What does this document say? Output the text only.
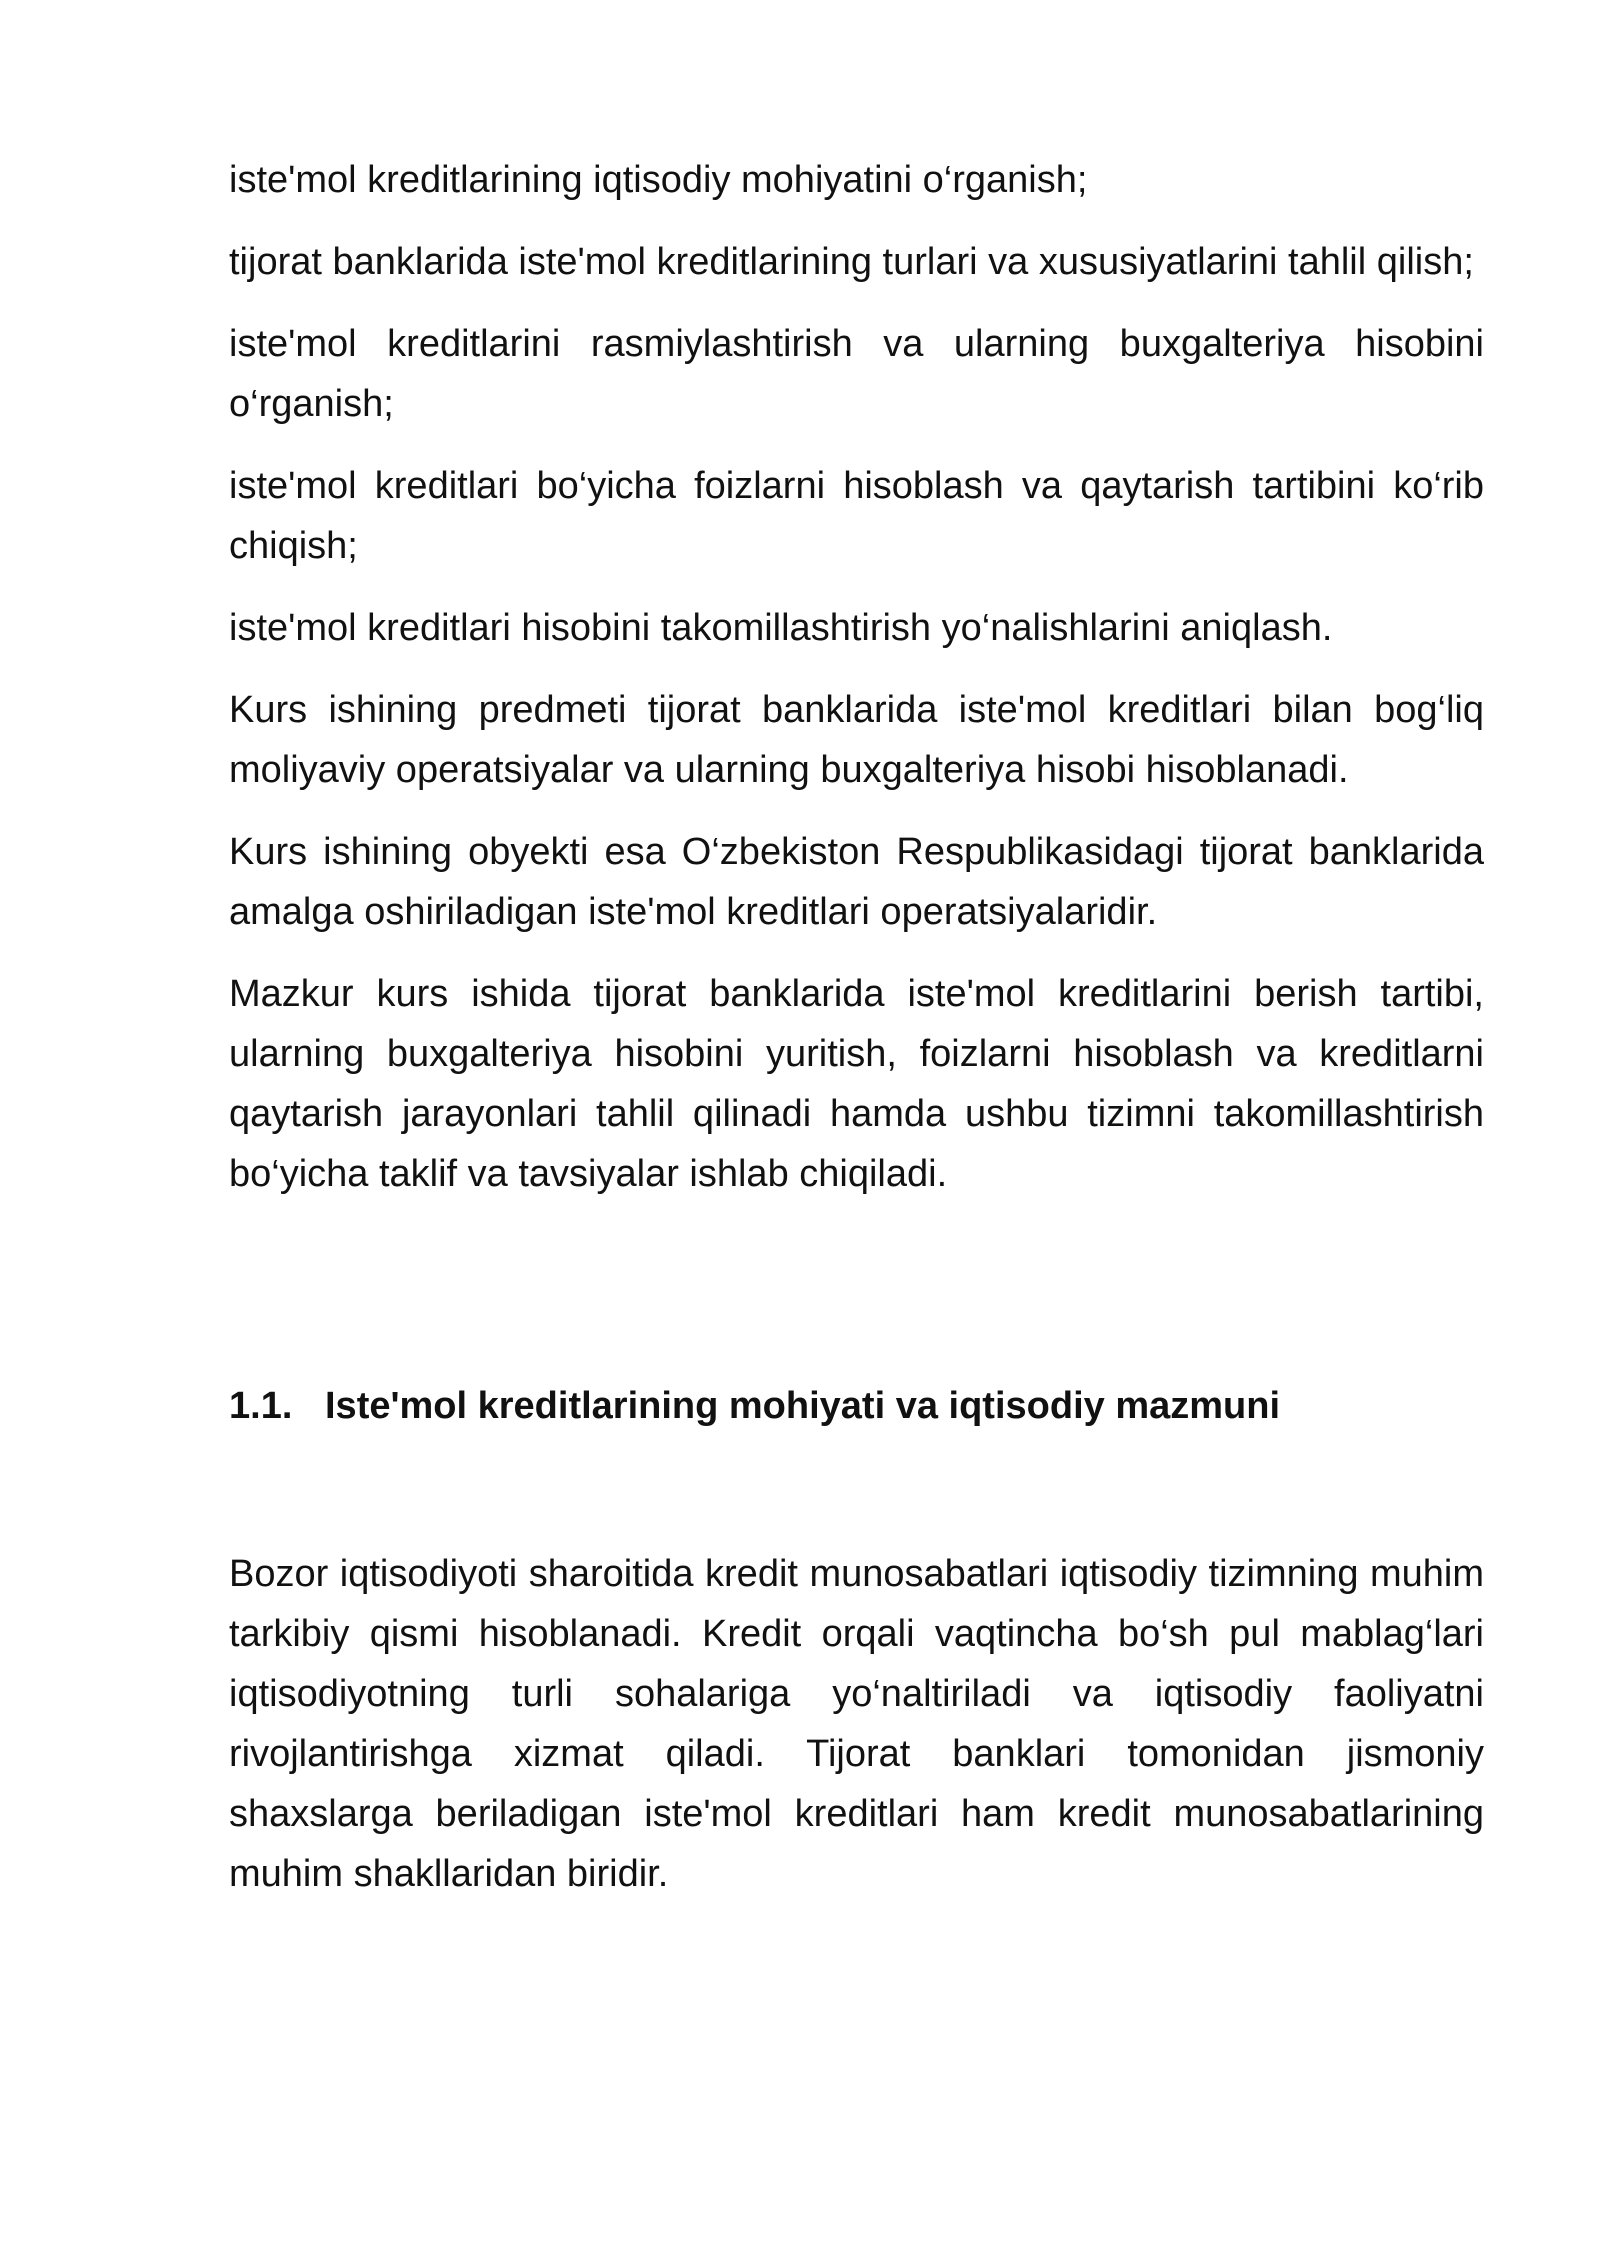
iste'mol kreditlarining iqtisodiy mohiyatini o‘rganish;

tijorat banklarida iste'mol kreditlarining turlari va xususiyatlarini tahlil qilish;

iste'mol kreditlarini rasmiylashtirish va ularning buxgalteriya hisobini o‘rganish;

iste'mol kreditlari bo‘yicha foizlarni hisoblash va qaytarish tartibini ko‘rib chiqish;

iste'mol kreditlari hisobini takomillashtirish yo‘nalishlarini aniqlash.

Kurs ishining predmeti tijorat banklarida iste'mol kreditlari bilan bog‘liq moliyaviy operatsiyalar va ularning buxgalteriya hisobi hisoblanadi.

Kurs ishining obyekti esa O‘zbekiston Respublikasidagi tijorat banklarida amalga oshiriladigan iste'mol kreditlari operatsiyalaridir.

Mazkur kurs ishida tijorat banklarida iste'mol kreditlarini berish tartibi, ularning buxgalteriya hisobini yuritish, foizlarni hisoblash va kreditlarni qaytarish jarayonlari tahlil qilinadi hamda ushbu tizimni takomillashtirish bo‘yicha taklif va tavsiyalar ishlab chiqiladi.

1.1. Iste'mol kreditlarining mohiyati va iqtisodiy mazmuni

Bozor iqtisodiyoti sharoitida kredit munosabatlari iqtisodiy tizimning muhim tarkibiy qismi hisoblanadi. Kredit orqali vaqtincha bo‘sh pul mablag‘lari iqtisodiyotning turli sohalariga yo‘naltiriladi va iqtisodiy faoliyatni rivojlantirishga xizmat qiladi. Tijorat banklari tomonidan jismoniy shaxslarga beriladigan iste'mol kreditlari ham kredit munosabatlarining muhim shakllaridan biridir.
